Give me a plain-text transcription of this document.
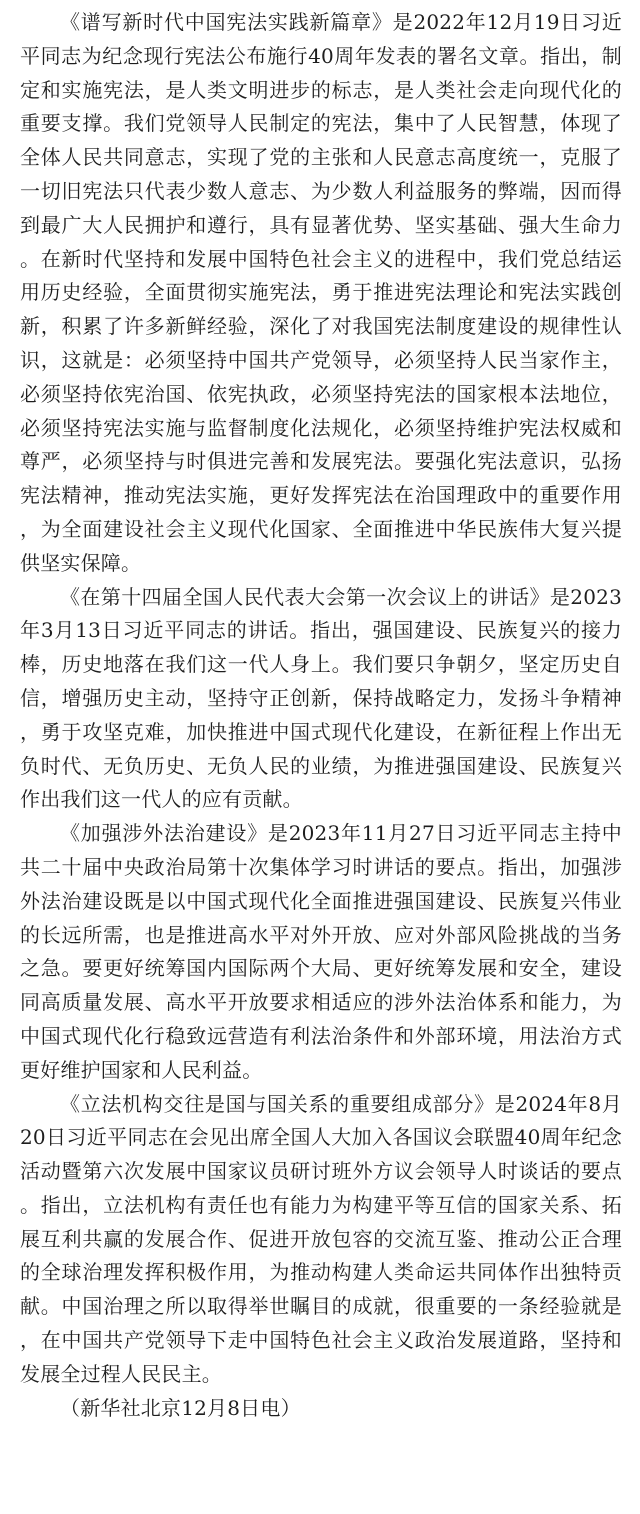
《谱写新时代中国宪法实践新篇章》是2022年12月19日习近平同志为纪念现行宪法公布施行40周年发表的署名文章。指出，制定和实施宪法，是人类文明进步的标志，是人类社会走向现代化的重要支撑。我们党领导人民制定的宪法，集中了人民智慧，体现了全体人民共同意志，实现了党的主张和人民意志高度统一，克服了一切旧宪法只代表少数人意志、为少数人利益服务的弊端，因而得到最广大人民拥护和遵行，具有显著优势、坚实基础、强大生命力。在新时代坚持和发展中国特色社会主义的进程中，我们党总结运用历史经验，全面贯彻实施宪法，勇于推进宪法理论和宪法实践创新，积累了许多新鲜经验，深化了对我国宪法制度建设的规律性认识，这就是：必须坚持中国共产党领导，必须坚持人民当家作主，必须坚持依宪治国、依宪执政，必须坚持宪法的国家根本法地位，必须坚持宪法实施与监督制度化法规化，必须坚持维护宪法权威和尊严，必须坚持与时俱进完善和发展宪法。要强化宪法意识，弘扬宪法精神，推动宪法实施，更好发挥宪法在治国理政中的重要作用，为全面建设社会主义现代化国家、全面推进中华民族伟大复兴提供坚实保障。

《在第十四届全国人民代表大会第一次会议上的讲话》是2023年3月13日习近平同志的讲话。指出，强国建设、民族复兴的接力棒，历史地落在我们这一代人身上。我们要只争朝夕，坚定历史自信，增强历史主动，坚持守正创新，保持战略定力，发扬斗争精神，勇于攻坚克难，加快推进中国式现代化建设，在新征程上作出无负时代、无负历史、无负人民的业绩，为推进强国建设、民族复兴作出我们这一代人的应有贡献。

《加强涉外法治建设》是2023年11月27日习近平同志主持中共二十届中央政治局第十次集体学习时讲话的要点。指出，加强涉外法治建设既是以中国式现代化全面推进强国建设、民族复兴伟业的长远所需，也是推进高水平对外开放、应对外部风险挑战的当务之急。要更好统筹国内国际两个大局、更好统筹发展和安全，建设同高质量发展、高水平开放要求相适应的涉外法治体系和能力，为中国式现代化行稳致远营造有利法治条件和外部环境，用法治方式更好维护国家和人民利益。

《立法机构交往是国与国关系的重要组成部分》是2024年8月20日习近平同志在会见出席全国人大加入各国议会联盟40周年纪念活动暨第六次发展中国家议员研讨班外方议会领导人时谈话的要点。指出，立法机构有责任也有能力为构建平等互信的国家关系、拓展互利共赢的发展合作、促进开放包容的交流互鉴、推动公正合理的全球治理发挥积极作用，为推动构建人类命运共同体作出独特贡献。中国治理之所以取得举世瞩目的成就，很重要的一条经验就是，在中国共产党领导下走中国特色社会主义政治发展道路，坚持和发展全过程人民民主。

（新华社北京12月8日电）
